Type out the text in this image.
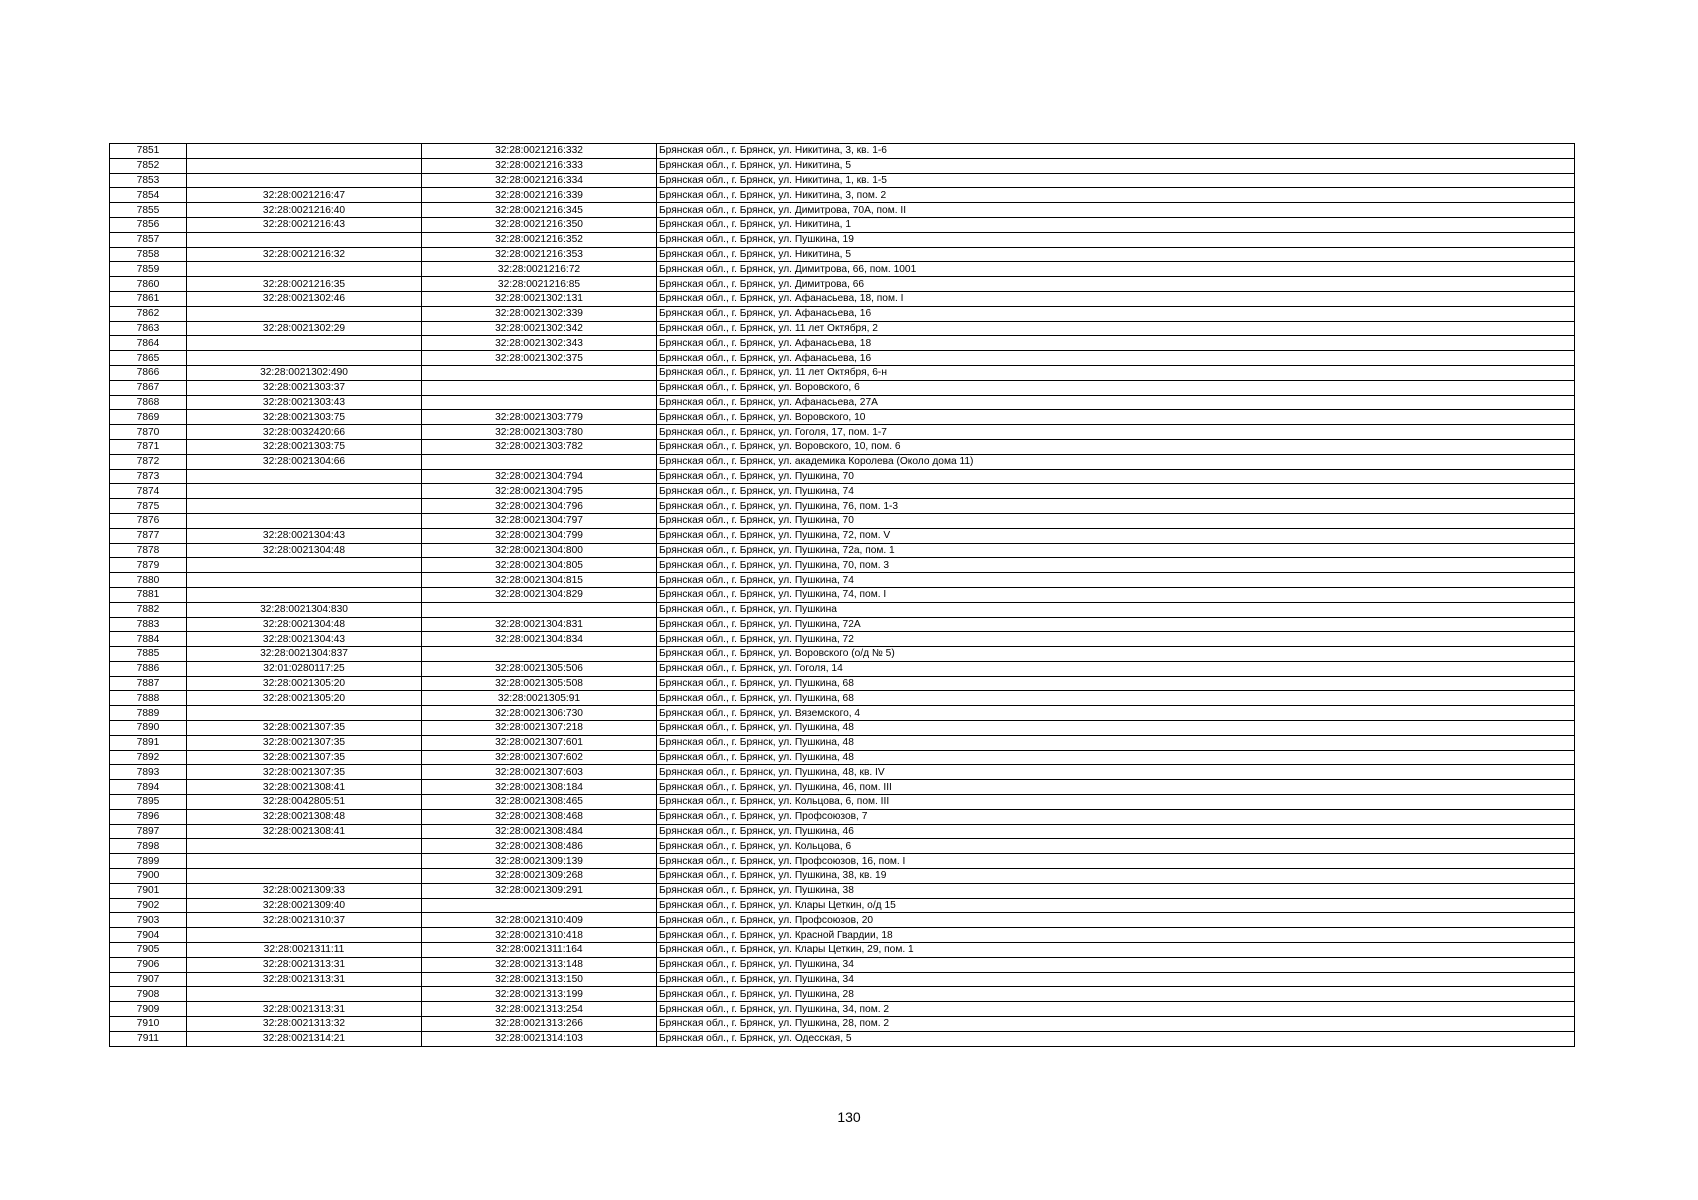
7851		32:28:0021216:332	Брянская обл., г. Брянск, ул. Никитина, 3, кв. 1-6
7852		32:28:0021216:333	Брянская обл., г. Брянск, ул. Никитина, 5
7853		32:28:0021216:334	Брянская обл., г. Брянск, ул. Никитина, 1, кв. 1-5
7854	32:28:0021216:47	32:28:0021216:339	Брянская обл., г. Брянск, ул. Никитина, 3, пом. 2
7855	32:28:0021216:40	32:28:0021216:345	Брянская обл., г. Брянск, ул. Димитрова, 70А, пом. II
7856	32:28:0021216:43	32:28:0021216:350	Брянская обл., г. Брянск, ул. Никитина, 1
7857		32:28:0021216:352	Брянская обл., г. Брянск, ул. Пушкина, 19
7858	32:28:0021216:32	32:28:0021216:353	Брянская обл., г. Брянск, ул. Никитина, 5
7859		32:28:0021216:72	Брянская обл., г. Брянск, ул. Димитрова, 66, пом. 1001
7860	32:28:0021216:35	32:28:0021216:85	Брянская обл., г. Брянск, ул. Димитрова, 66
7861	32:28:0021302:46	32:28:0021302:131	Брянская обл., г. Брянск, ул. Афанасьева, 18, пом. I
7862		32:28:0021302:339	Брянская обл., г. Брянск, ул. Афанасьева, 16
7863	32:28:0021302:29	32:28:0021302:342	Брянская обл., г. Брянск, ул. 11 лет Октября, 2
7864		32:28:0021302:343	Брянская обл., г. Брянск, ул. Афанасьева, 18
7865		32:28:0021302:375	Брянская обл., г. Брянск, ул. Афанасьева, 16
7866	32:28:0021302:490		Брянская обл., г. Брянск, ул. 11 лет Октября, 6-н
7867	32:28:0021303:37		Брянская обл., г. Брянск, ул. Воровского, 6
7868	32:28:0021303:43		Брянская обл., г. Брянск, ул. Афанасьева, 27А
7869	32:28:0021303:75	32:28:0021303:779	Брянская обл., г. Брянск, ул. Воровского, 10
7870	32:28:0032420:66	32:28:0021303:780	Брянская обл., г. Брянск, ул. Гоголя, 17, пом. 1-7
7871	32:28:0021303:75	32:28:0021303:782	Брянская обл., г. Брянск, ул. Воровского, 10, пом. 6
7872	32:28:0021304:66		Брянская обл., г. Брянск, ул. академика Королева (Около дома 11)
7873		32:28:0021304:794	Брянская обл., г. Брянск, ул. Пушкина, 70
7874		32:28:0021304:795	Брянская обл., г. Брянск, ул. Пушкина, 74
7875		32:28:0021304:796	Брянская обл., г. Брянск, ул. Пушкина, 76, пом. 1-3
7876		32:28:0021304:797	Брянская обл., г. Брянск, ул. Пушкина, 70
7877	32:28:0021304:43	32:28:0021304:799	Брянская обл., г. Брянск, ул. Пушкина, 72, пом. V
7878	32:28:0021304:48	32:28:0021304:800	Брянская обл., г. Брянск, ул. Пушкина, 72а, пом. 1
7879		32:28:0021304:805	Брянская обл., г. Брянск, ул. Пушкина, 70, пом. 3
7880		32:28:0021304:815	Брянская обл., г. Брянск, ул. Пушкина, 74
7881		32:28:0021304:829	Брянская обл., г. Брянск, ул. Пушкина, 74, пом. I
7882	32:28:0021304:830		Брянская обл., г. Брянск, ул. Пушкина
7883	32:28:0021304:48	32:28:0021304:831	Брянская обл., г. Брянск, ул. Пушкина, 72А
7884	32:28:0021304:43	32:28:0021304:834	Брянская обл., г. Брянск, ул. Пушкина, 72
7885	32:28:0021304:837		Брянская обл., г. Брянск, ул. Воровского (о/д № 5)
7886	32:01:0280117:25	32:28:0021305:506	Брянская обл., г. Брянск, ул. Гоголя, 14
7887	32:28:0021305:20	32:28:0021305:508	Брянская обл., г. Брянск, ул. Пушкина, 68
7888	32:28:0021305:20	32:28:0021305:91	Брянская обл., г. Брянск, ул. Пушкина, 68
7889		32:28:0021306:730	Брянская обл., г. Брянск, ул. Вяземского, 4
7890	32:28:0021307:35	32:28:0021307:218	Брянская обл., г. Брянск, ул. Пушкина, 48
7891	32:28:0021307:35	32:28:0021307:601	Брянская обл., г. Брянск, ул. Пушкина, 48
7892	32:28:0021307:35	32:28:0021307:602	Брянская обл., г. Брянск, ул. Пушкина, 48
7893	32:28:0021307:35	32:28:0021307:603	Брянская обл., г. Брянск, ул. Пушкина, 48, кв. IV
7894	32:28:0021308:41	32:28:0021308:184	Брянская обл., г. Брянск, ул. Пушкина, 46, пом. III
7895	32:28:0042805:51	32:28:0021308:465	Брянская обл., г. Брянск, ул. Кольцова, 6, пом. III
7896	32:28:0021308:48	32:28:0021308:468	Брянская обл., г. Брянск, ул. Профсоюзов, 7
7897	32:28:0021308:41	32:28:0021308:484	Брянская обл., г. Брянск, ул. Пушкина, 46
7898		32:28:0021308:486	Брянская обл., г. Брянск, ул. Кольцова, 6
7899		32:28:0021309:139	Брянская обл., г. Брянск, ул. Профсоюзов, 16, пом. I
7900		32:28:0021309:268	Брянская обл., г. Брянск, ул. Пушкина, 38, кв. 19
7901	32:28:0021309:33	32:28:0021309:291	Брянская обл., г. Брянск, ул. Пушкина, 38
7902	32:28:0021309:40		Брянская обл., г. Брянск, ул. Клары Цеткин, о/д 15
7903	32:28:0021310:37	32:28:0021310:409	Брянская обл., г. Брянск, ул. Профсоюзов, 20
7904		32:28:0021310:418	Брянская обл., г. Брянск, ул. Красной Гвардии, 18
7905	32:28:0021311:11	32:28:0021311:164	Брянская обл., г. Брянск, ул. Клары Цеткин, 29, пом. 1
7906	32:28:0021313:31	32:28:0021313:148	Брянская обл., г. Брянск, ул. Пушкина, 34
7907	32:28:0021313:31	32:28:0021313:150	Брянская обл., г. Брянск, ул. Пушкина, 34
7908		32:28:0021313:199	Брянская обл., г. Брянск, ул. Пушкина, 28
7909	32:28:0021313:31	32:28:0021313:254	Брянская обл., г. Брянск, ул. Пушкина, 34, пом. 2
7910	32:28:0021313:32	32:28:0021313:266	Брянская обл., г. Брянск, ул. Пушкина, 28, пом. 2
7911	32:28:0021314:21	32:28:0021314:103	Брянская обл., г. Брянск, ул. Одесская, 5
130
